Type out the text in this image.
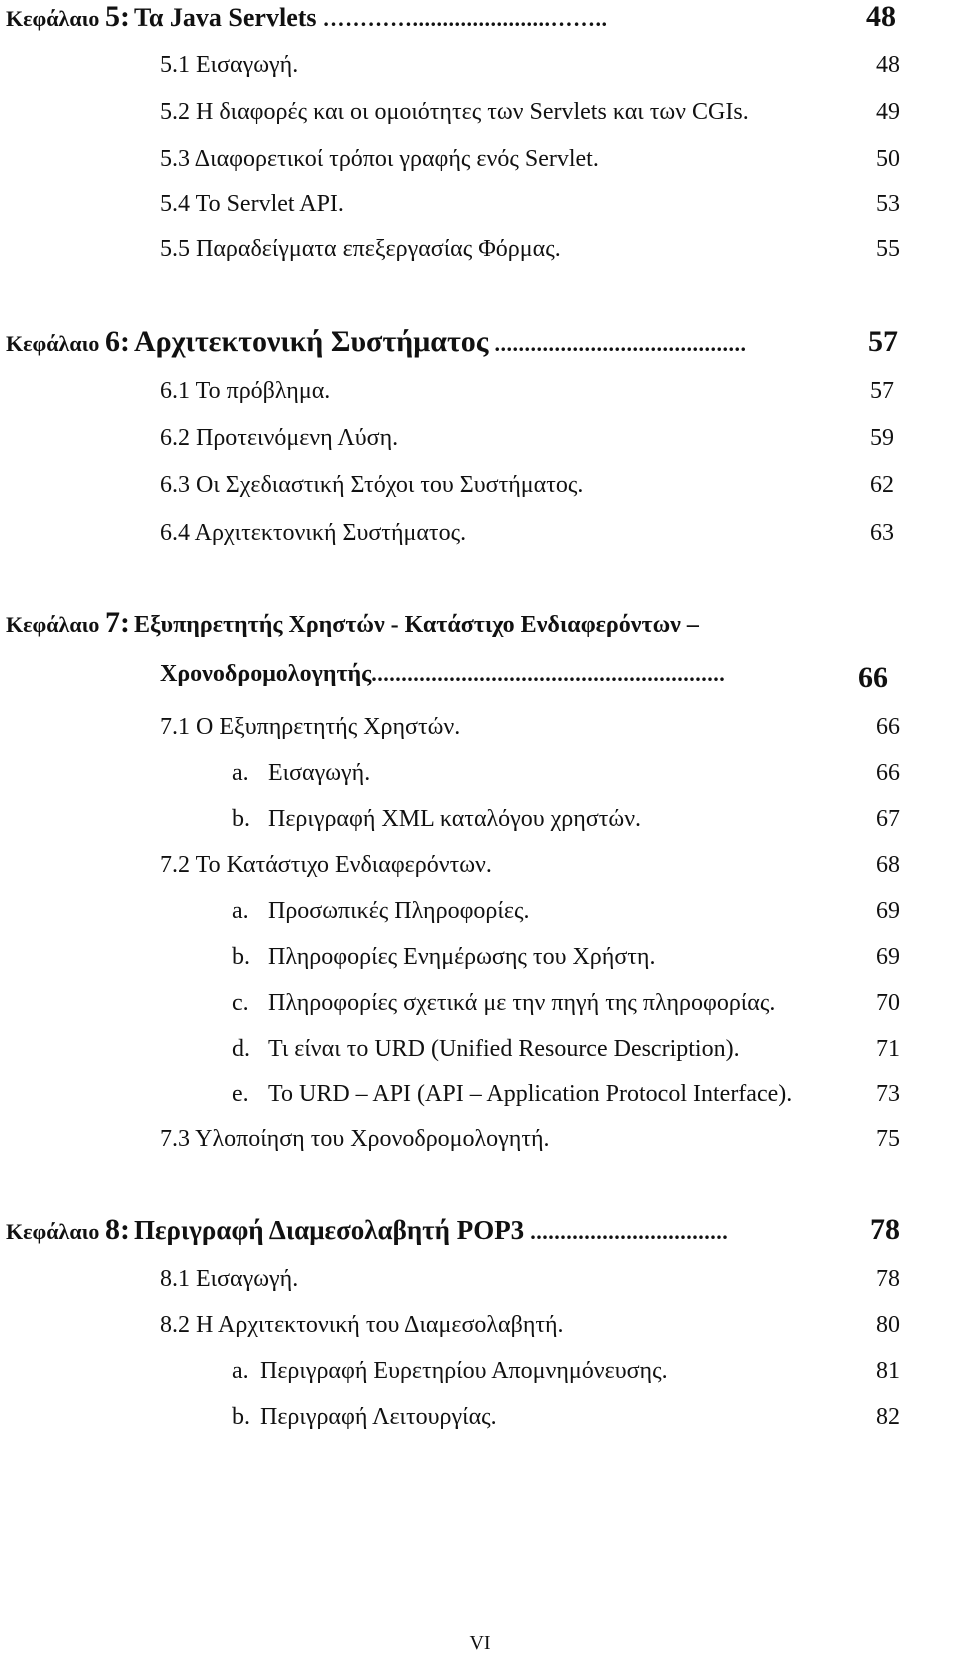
Κεφάλαιο 5: Τα Java Servlets ………….......................……..	48
5.1 Εισαγωγή.	48
5.2 Η διαφορές και οι ομοιότητες των Servlets και των CGIs.	49
5.3 Διαφορετικοί τρόποι γραφής ενός Servlet.	50
5.4 Το Servlet API.	53
5.5 Παραδείγματα επεξεργασίας Φόρμας.	55
Κεφάλαιο 6: Αρχιτεκτονική Συστήματος ..........................................	57
6.1 Το πρόβλημα.	57
6.2 Προτεινόμενη Λύση.	59
6.3 Οι Σχεδιαστική Στόχοι του Συστήματος.	62
6.4 Αρχιτεκτονική Συστήματος.	63
Κεφάλαιο 7: Εξυπηρετητής Χρηστών - Κατάστιχο Ενδιαφερόντων –
Χρονοδρομολογητής...........................................................	66
7.1 Ο Εξυπηρετητής Χρηστών.	66
a. Εισαγωγή.	66
b. Περιγραφή XML καταλόγου χρηστών.	67
7.2 Το Κατάστιχο Ενδιαφερόντων.	68
a. Προσωπικές Πληροφορίες.	69
b. Πληροφορίες Ενημέρωσης του Χρήστη.	69
c. Πληροφορίες σχετικά με την πηγή της πληροφορίας.	70
d. Τι είναι το URD (Unified Resource Description).	71
e. Το URD – API (API – Application Protocol Interface).	73
7.3 Υλοποίηση του Χρονοδρομολογητή.	75
Κεφάλαιο 8: Περιγραφή Διαμεσολαβητή POP3 .................................	78
8.1 Εισαγωγή.	78
8.2 Η Αρχιτεκτονική του Διαμεσολαβητή.	80
a. Περιγραφή Ευρετηρίου Απομνημόνευσης.	81
b. Περιγραφή Λειτουργίας.	82
VI
